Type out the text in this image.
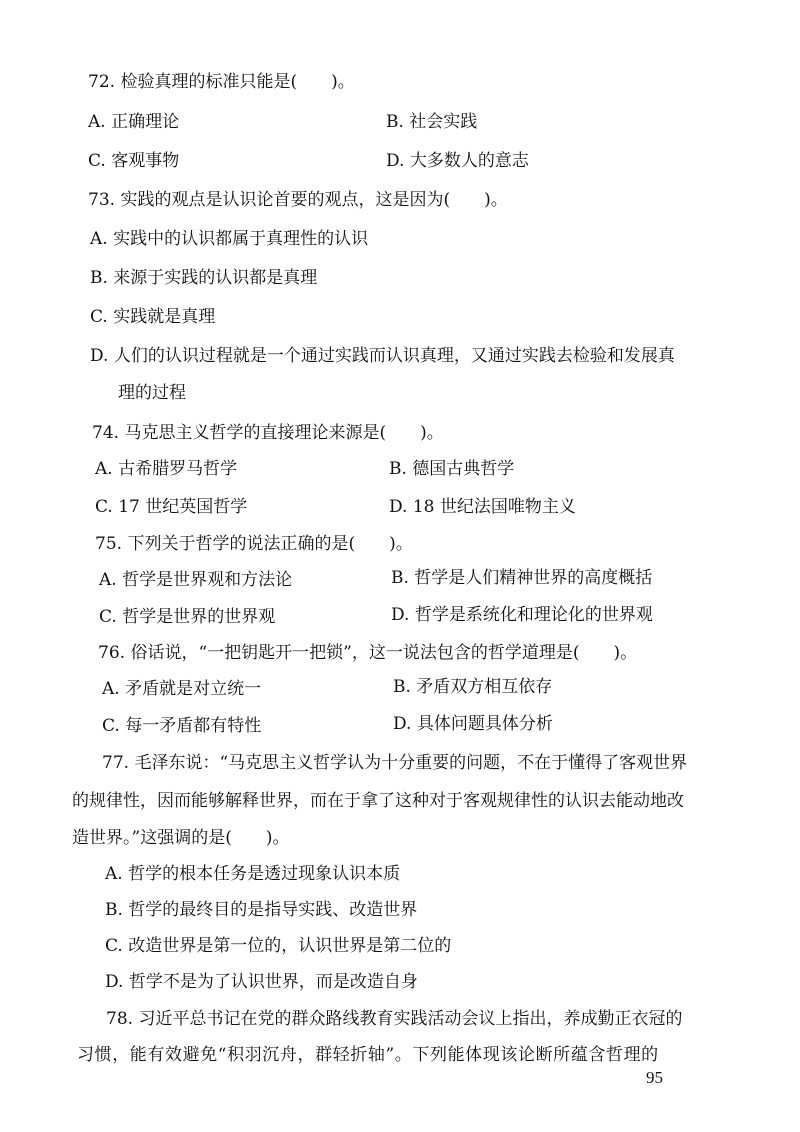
72. 检验真理的标准只能是(　　)。
A. 正确理论	B. 社会实践
C. 客观事物	D. 大多数人的意志
73. 实践的观点是认识论首要的观点，这是因为(　　)。
A. 实践中的认识都属于真理性的认识
B. 来源于实践的认识都是真理
C. 实践就是真理
D. 人们的认识过程就是一个通过实践而认识真理，又通过实践去检验和发展真
理的过程
74. 马克思主义哲学的直接理论来源是(　　)。
A. 古希腊罗马哲学	B. 德国古典哲学
C. 17 世纪英国哲学	D. 18 世纪法国唯物主义
75. 下列关于哲学的说法正确的是(　　)。
A. 哲学是世界观和方法论	B. 哲学是人们精神世界的高度概括
C. 哲学是世界的世界观	D. 哲学是系统化和理论化的世界观
76. 俗话说，“一把钥匙开一把锁”，这一说法包含的哲学道理是(　　)。
A. 矛盾就是对立统一	B. 矛盾双方相互依存
C. 每一矛盾都有特性	D. 具体问题具体分析
77. 毛泽东说：“马克思主义哲学认为十分重要的问题，不在于懂得了客观世界
的规律性，因而能够解释世界，而在于拿了这种对于客观规律性的认识去能动地改
造世界。”这强调的是(　　)。
A. 哲学的根本任务是透过现象认识本质
B. 哲学的最终目的是指导实践、改造世界
C. 改造世界是第一位的，认识世界是第二位的
D. 哲学不是为了认识世界，而是改造自身
78. 习近平总书记在党的群众路线教育实践活动会议上指出，养成勤正衣冠的
习惯，能有效避免“积羽沉舟，群轻折轴”。下列能体现该论断所蕴含哲理的
95
